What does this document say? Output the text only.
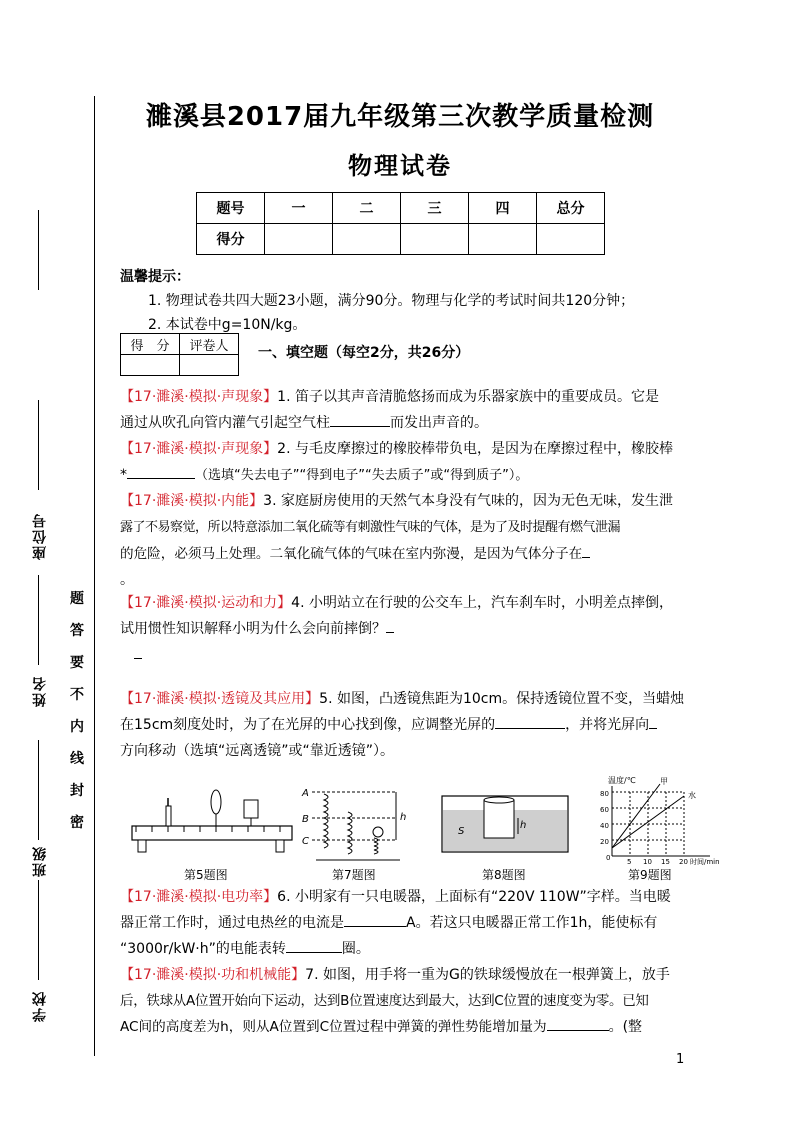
学校
班级
姓名
座位号
密
封
线
内
不
要
答
题
濉溪县2017届九年级第三次教学质量检测
物理试卷
题号	一	二	三	四	总分
得分					
温馨提示：
1. 物理试卷共四大题23小题，满分90分。物理与化学的考试时间共120分钟；
2. 本试卷中g=10N/kg。
得　分	评卷人
	一、填空题（每空2分，共26分）
【17·濉溪·模拟·声现象】1. 笛子以其声音清脆悠扬而成为乐器家族中的重要成员。它是
通过从吹孔向管内灌气引起空气柱	而发出声音的。
【17·濉溪·模拟·声现象】2. 与毛皮摩擦过的橡胶棒带负电，是因为在摩擦过程中，橡胶棒
*	（选填“失去电子”“得到电子”“失去质子”或“得到质子”）。
【17·濉溪·模拟·内能】3. 家庭厨房使用的天然气本身没有气味的，因为无色无味，发生泄
露了不易察觉，所以特意添加二氧化硫等有刺激性气味的气体，是为了及时提醒有燃气泄漏
的危险，必须马上处理。二氧化硫气体的气味在室内弥漫，是因为气体分子在
。
【17·濉溪·模拟·运动和力】4. 小明站立在行驶的公交车上，汽车刹车时，小明差点摔倒，
试用惯性知识解释小明为什么会向前摔倒？

【17·濉溪·模拟·透镜及其应用】5. 如图，凸透镜焦距为10cm。保持透镜位置不变，当蜡烛
在15cm刻度处时，为了在光屏的中心找到像，应调整光屏的	，并将光屏向
方向移动（选填“远离透镜”或“靠近透镜”）。
A
B
C
h
S
h
温度/℃
80
60
40
20
0
甲
水
5 10 15 20 时间/min
第5题图	第7题图	第8题图	第9题图
【17·濉溪·模拟·电功率】6. 小明家有一只电暖器，上面标有“220V 110W”字样。当电暖
器正常工作时，通过电热丝的电流是	A。若这只电暖器正常工作1h，能使标有
“3000r/kW·h”的电能表转	圈。
【17·濉溪·模拟·功和机械能】7. 如图，用手将一重为G的铁球缓慢放在一根弹簧上，放手
后，铁球从A位置开始向下运动，达到B位置速度达到最大，达到C位置的速度变为零。已知
AC间的高度差为h，则从A位置到C位置过程中弹簧的弹性势能增加量为	。(整
1
